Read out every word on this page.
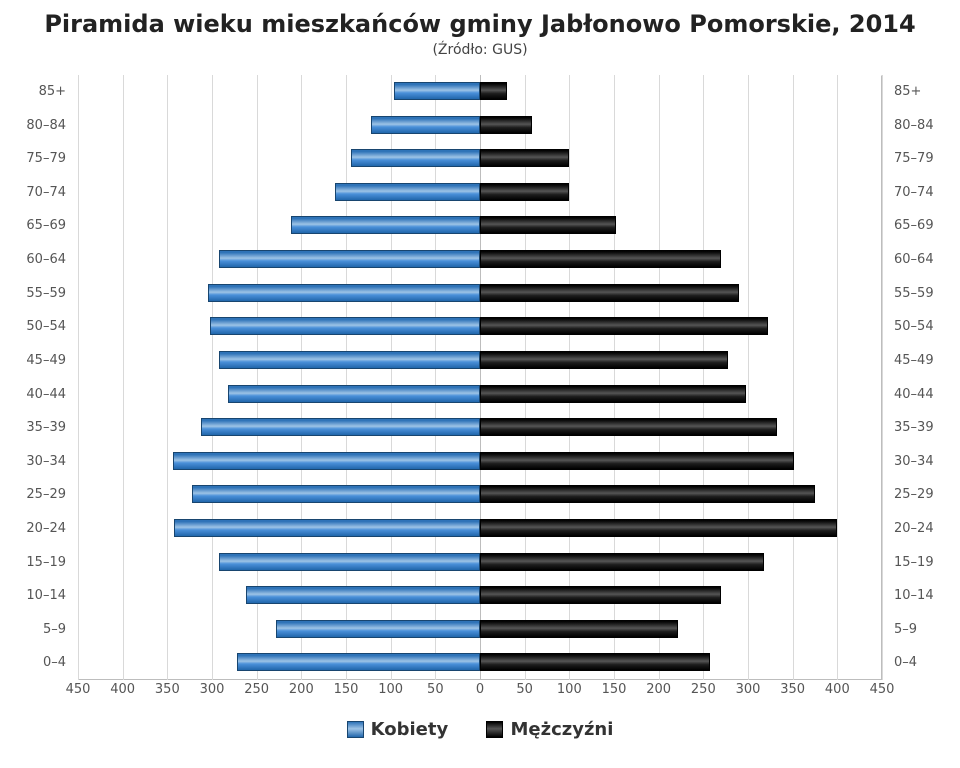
Piramida wieku mieszkańców gminy Jabłonowo Pomorskie, 2014
(Źródło: GUS)
0–4	0–4
5–9	5–9
10–14	10–14
15–19	15–19
20–24	20–24
25–29	25–29
30–34	30–34
35–39	35–39
40–44	40–44
45–49	45–49
50–54	50–54
55–59	55–59
60–64	60–64
65–69	65–69
70–74	70–74
75–79	75–79
80–84	80–84
85+	85+
450 400 350 300 250 200 150 100 50 0 50 100 150 200 250 300 350 400 450
Kobiety	Mężczyźni
